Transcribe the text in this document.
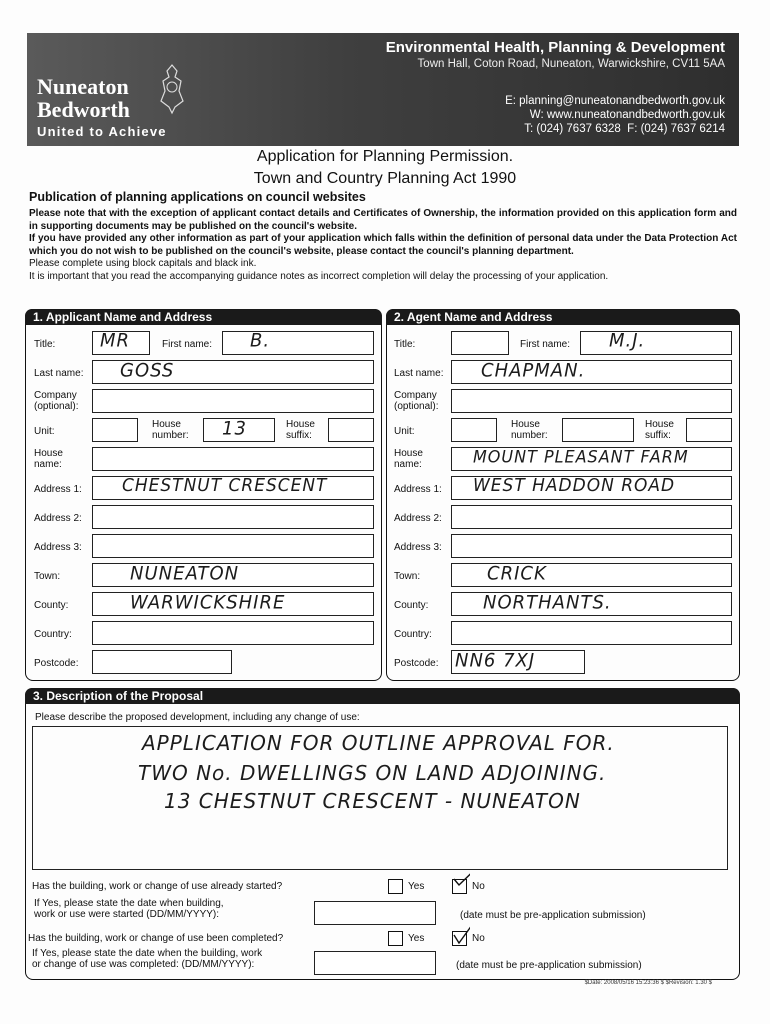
Nuneaton
Bedworth
United to Achieve
Environmental Health, Planning & Development
Town Hall, Coton Road, Nuneaton, Warwickshire, CV11 5AA
E: planning@nuneatonandbedworth.gov.uk
W: www.nuneatonandbedworth.gov.uk
T: (024) 7637 6328 F: (024) 7637 6214
Application for Planning Permission.
Town and Country Planning Act 1990
Publication of planning applications on council websites

Please note that with the exception of applicant contact details and Certificates of Ownership, the information provided on this application form and in supporting documents may be published on the council's website.

If you have provided any other information as part of your application which falls within the definition of personal data under the Data Protection Act which you do not wish to be published on the council's website, please contact the council's planning department.

Please complete using block capitals and black ink.

It is important that you read the accompanying guidance notes as incorrect completion will delay the processing of your application.

1. Applicant Name and Address
Title: MR	First name: B.
Last name: GOSS
Company
(optional):
Unit:
House
number: 13	House
suffix:
House
name:
Address 1: CHESTNUT CRESCENT
Address 2:
Address 3:
Town:	NUNEATON
County:	WARWICKSHIRE
Country:
Postcode:
2. Agent Name and Address
Title:	First name: M.J.
Last name: CHAPMAN.
Company
(optional):
Unit:
House
number:
House
suffix:
House
name:	MOUNT PLEASANT FARM
Address 1: WEST HADDON ROAD
Address 2:
Address 3:
Town:	CRICK
County:	NORTHANTS.
Country:
Postcode: NN6 7XJ
3. Description of the Proposal
Please describe the proposed development, including any change of use:
APPLICATION FOR OUTLINE APPROVAL FOR.
TWO No. DWELLINGS ON LAND ADJOINING.
13 CHESTNUT CRESCENT - NUNEATON
Has the building, work or change of use already started?	Yes	No
If Yes, please state the date when building,
work or use were started (DD/MM/YYYY):	(date must be pre-application submission)
Has the building, work or change of use been completed?	Yes	No
If Yes, please state the date when the building, work
or change of use was completed: (DD/MM/YYYY):	(date must be pre-application submission)
$Date: 2008/05/16 15:23:36 $ $Revision: 1.30 $
